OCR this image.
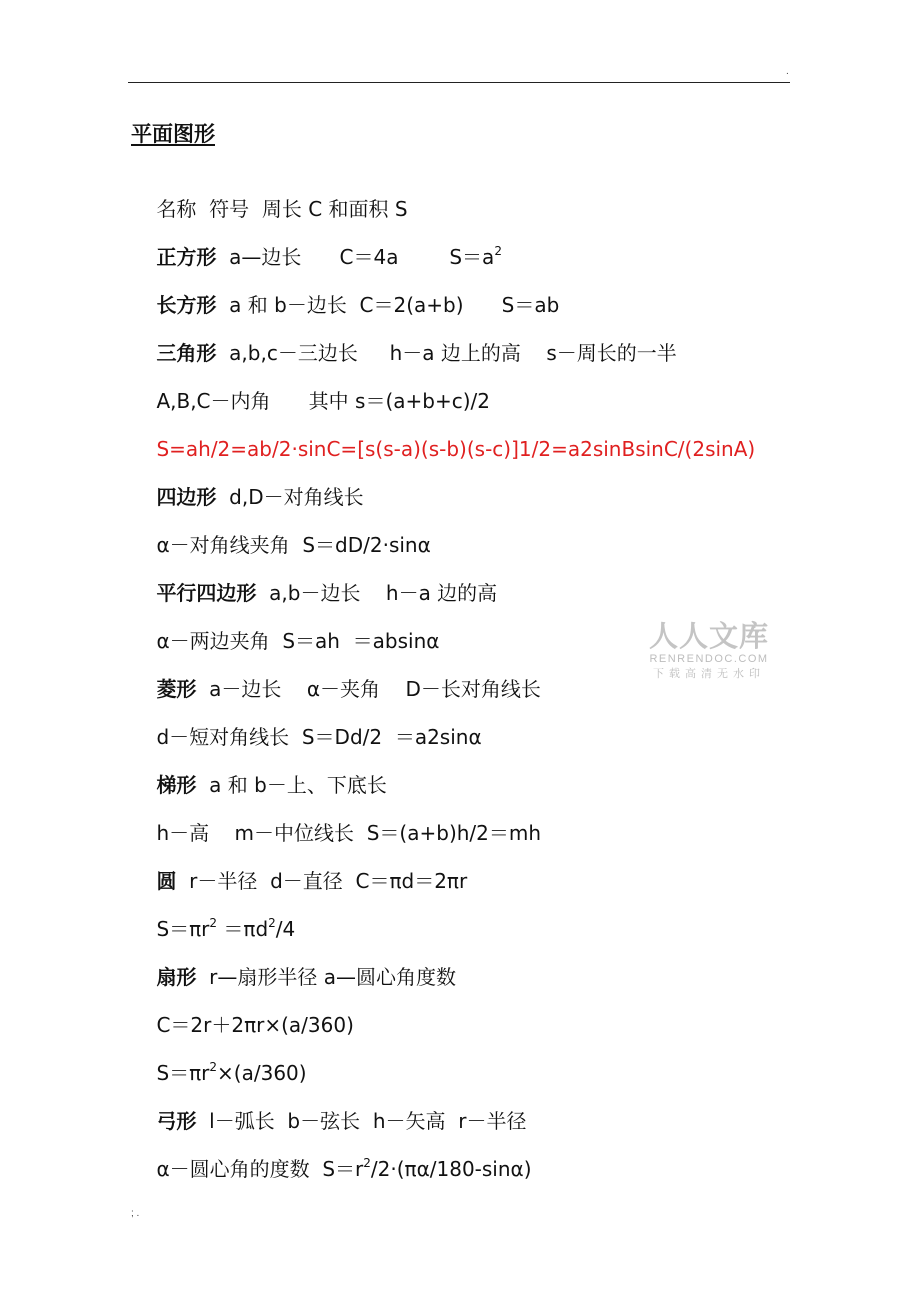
.
平面图形

名称  符号  周长 C 和面积 S

正方形  a—边长      C＝4a        $S=a^2$

长方形  a 和 b－边长  C＝2(a+b)      S＝ab

三角形  a,b,c－三边长     h－a 边上的高    s－周长的一半

A,B,C－内角      其中 s＝(a+b+c)/2

S=ah/2=ab/2·sinC=[s(s-a)(s-b)(s-c)]1/2=a2sinBsinC/(2sinA)

四边形  d,D－对角线长

α－对角线夹角  S＝dD/2·sinα

平行四边形  a,b－边长    h－a 边的高

α－两边夹角  S＝ah  ＝absinα

菱形  a－边长    α－夹角    D－长对角线长

d－短对角线长  S＝Dd/2  ＝a2sinα

梯形  a 和 b－上、下底长

h－高    m－中位线长  S＝(a+b)h/2＝mh

圆  r－半径  d－直径  C＝πd＝2πr

$S=\pi r^2 =\pi d^2/4$

扇形  r—扇形半径 a—圆心角度数

C＝2r＋2πr×(a/360)

$S=\pi r^2\times(a/360)$

弓形  l－弧长  b－弦长  h－矢高  r－半径

α－圆心角的度数  $S=r^2/2\cdot(\pi\alpha/180-\sin\alpha)$

人人文库
RENRENDOC.COM
下载高清无水印
; .
